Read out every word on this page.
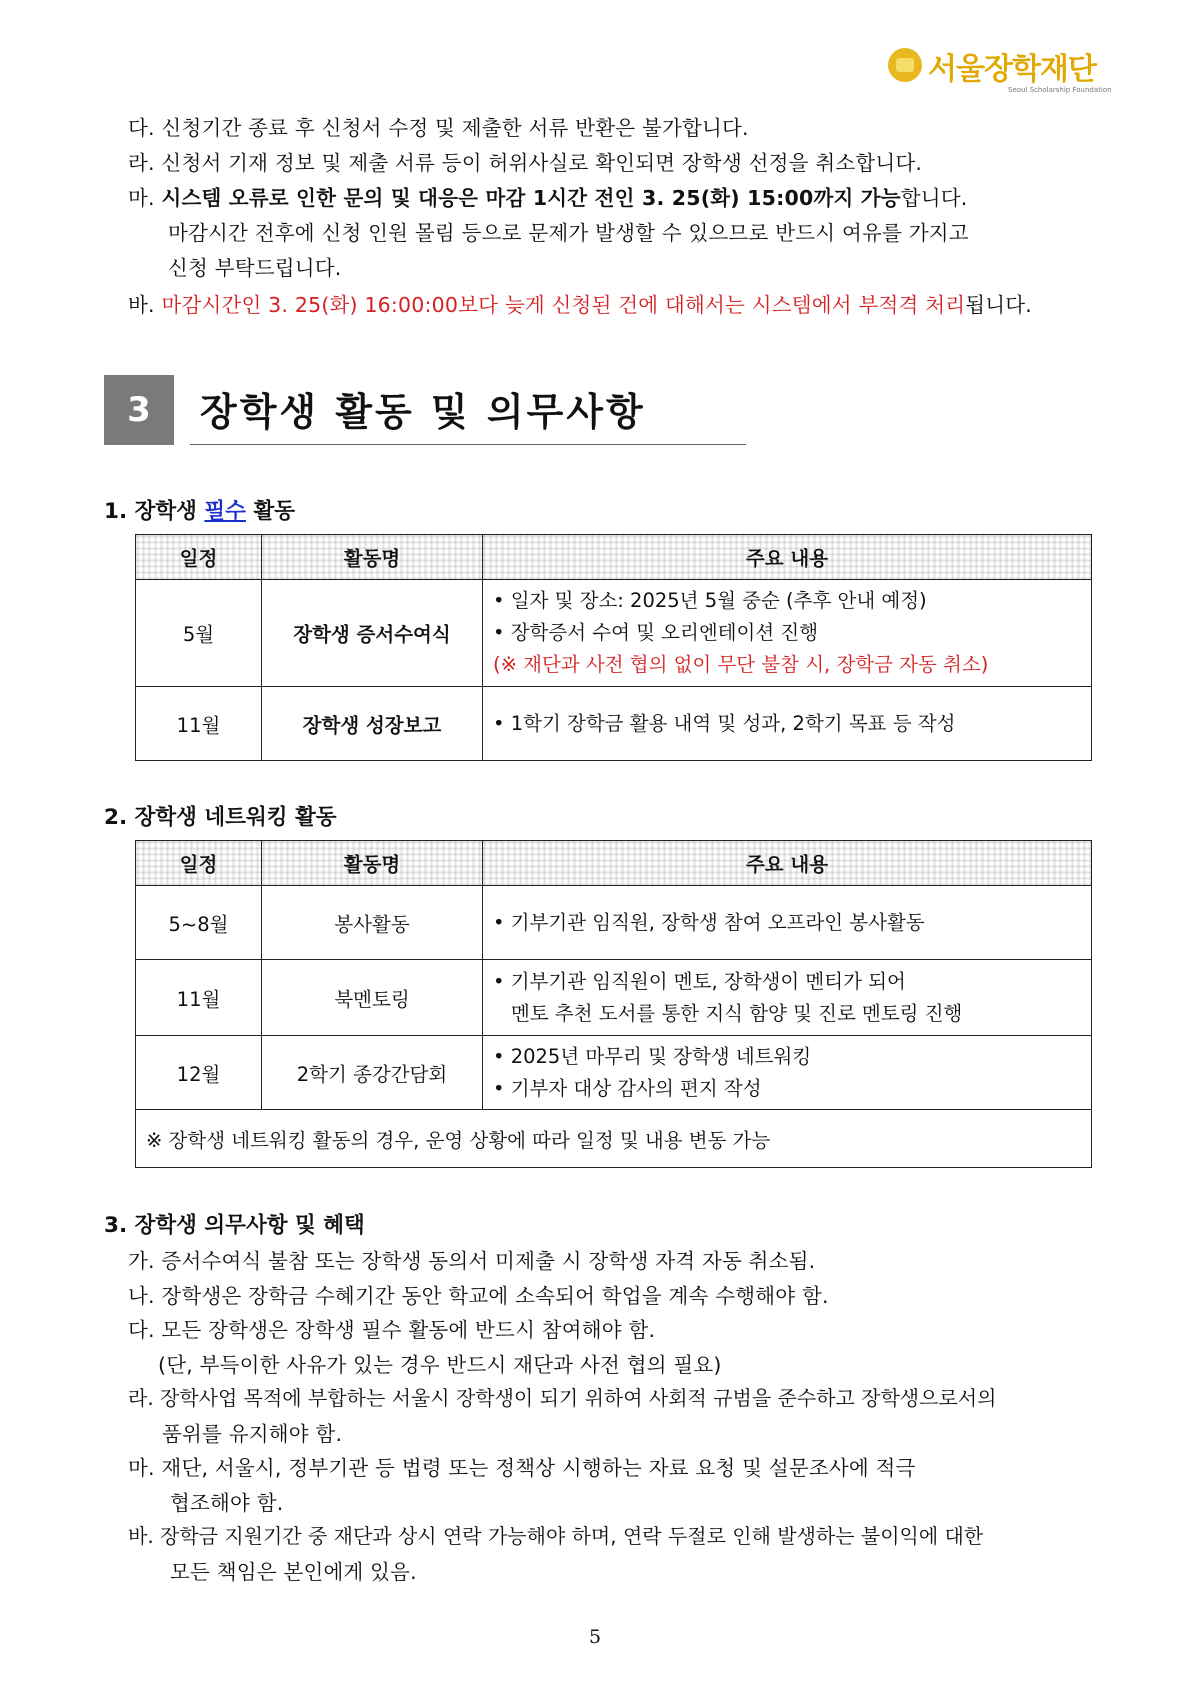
서울장학재단
Seoul Scholarship Foundation
다. 신청기간 종료 후 신청서 수정 및 제출한 서류 반환은 불가합니다.
라. 신청서 기재 정보 및 제출 서류 등이 허위사실로 확인되면 장학생 선정을 취소합니다.
마. 시스템 오류로 인한 문의 및 대응은 마감 1시간 전인 3. 25(화) 15:00까지 가능합니다.
마감시간 전후에 신청 인원 몰림 등으로 문제가 발생할 수 있으므로 반드시 여유를 가지고
신청 부탁드립니다.
바. 마감시간인 3. 25(화) 16:00:00보다 늦게 신청된 건에 대해서는 시스템에서 부적격 처리됩니다.
3	장학생 활동 및 의무사항
1. 장학생 필수 활동
일정	활동명	주요 내용
5월	장학생 증서수여식	• 일자 및 장소: 2025년 5월 중순 (추후 안내 예정)
• 장학증서 수여 및 오리엔테이션 진행
(※ 재단과 사전 협의 없이 무단 불참 시, 장학금 자동 취소)

11월	장학생 성장보고	• 1학기 장학금 활용 내역 및 성과, 2학기 목표 등 작성
2. 장학생 네트워킹 활동
일정	활동명	주요 내용
5~8월	봉사활동	• 기부기관 임직원, 장학생 참여 오프라인 봉사활동

11월	북멘토링	• 기부기관 임직원이 멘토, 장학생이 멘티가 되어
멘토 추천 도서를 통한 지식 함양 및 진로 멘토링 진행

12월	2학기 종강간담회	• 2025년 마무리 및 장학생 네트워킹
• 기부자 대상 감사의 편지 작성

※ 장학생 네트워킹 활동의 경우, 운영 상황에 따라 일정 및 내용 변동 가능		
3. 장학생 의무사항 및 혜택
가. 증서수여식 불참 또는 장학생 동의서 미제출 시 장학생 자격 자동 취소됨.
나. 장학생은 장학금 수혜기간 동안 학교에 소속되어 학업을 계속 수행해야 함.
다. 모든 장학생은 장학생 필수 활동에 반드시 참여해야 함.
(단, 부득이한 사유가 있는 경우 반드시 재단과 사전 협의 필요)
라. 장학사업 목적에 부합하는 서울시 장학생이 되기 위하여 사회적 규범을 준수하고 장학생으로서의
품위를 유지해야 함.
마. 재단, 서울시, 정부기관 등 법령 또는 정책상 시행하는 자료 요청 및 설문조사에 적극
협조해야 함.
바. 장학금 지원기간 중 재단과 상시 연락 가능해야 하며, 연락 두절로 인해 발생하는 불이익에 대한
모든 책임은 본인에게 있음.
5
